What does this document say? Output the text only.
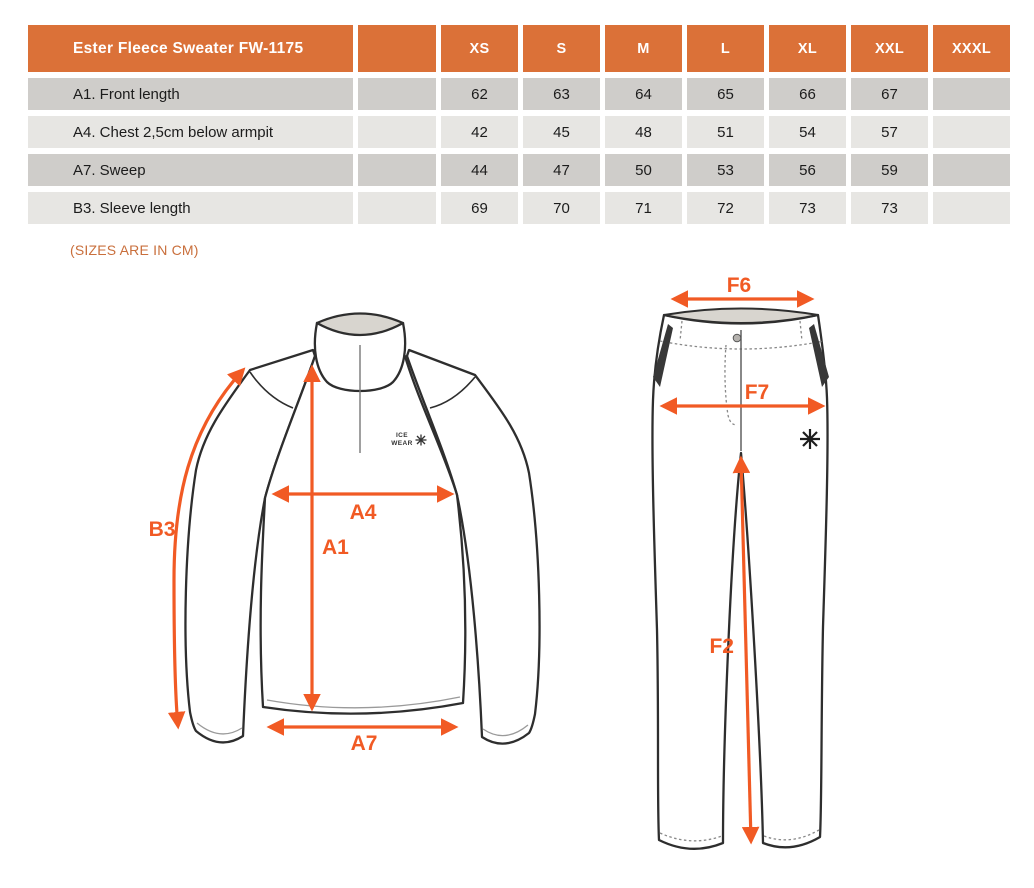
Ester Fleece Sweater FW-1175	XS	S	M	L	XL	XXL	XXXL
A1. Front length	62	63	64	65	66	67
A4. Chest 2,5cm below armpit	42	45	48	51	54	57
A7. Sweep	44	47	50	53	56	59
B3. Sleeve length	69	70	71	72	73	73
(SIZES ARE IN CM)
ICE
WEAR
B3
A1
A4
A7
F6
F7
F2
